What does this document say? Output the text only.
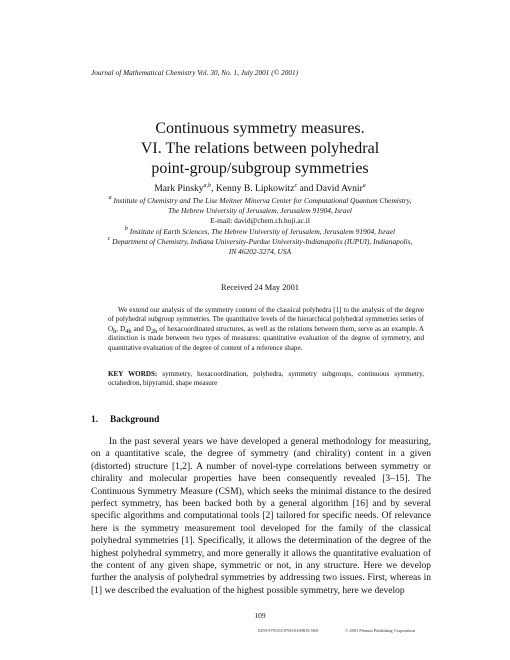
Journal of Mathematical Chemistry Vol. 30, No. 1, July 2001 (© 2001)
Continuous symmetry measures.
VI. The relations between polyhedral
point-group/subgroup symmetries
Mark Pinsky$^{a,b}$, Kenny B. Lipkowitz$^c$ and David Avnir$^a$
$^a$ Institute of Chemistry and The Lise Meitner Minerva Center for Computational Quantum Chemistry,
The Hebrew University of Jerusalem, Jerusalem 91904, Israel
E-mail: david@chem.ch.huji.ac.il
$^b$ Institute of Earth Sciences, The Hebrew University of Jerusalem, Jerusalem 91904, Israel
$^c$ Department of Chemistry, Indiana University-Purdue University-Indianapolis (IUPUI), Indianapolis,
IN 46202-3274, USA
Received 24 May 2001

We extend our analysis of the symmetry content of the classical polyhedra [1] to the analysis of the degree of polyhedral subgroup symmetries. The quantitative levels of the hierarchical polyhedral symmetries series of $O_h$, $D_{4h}$ and $D_{2h}$ of hexacoordinated structures, as well as the relations between them, serve as an example. A distinction is made between two types of measures: quantitative evaluation of the degree of symmetry, and quantitative evaluation of the degree of content of a reference shape.

KEY WORDS: symmetry, hexacoordination, polyhedra, symmetry subgroups, continuous symmetry, octahedron, bipyramid, shape measure
1. Background

In the past several years we have developed a general methodology for measuring, on a quantitative scale, the degree of symmetry (and chirality) content in a given (distorted) structure [1,2]. A number of novel-type correlations between symmetry or chirality and molecular properties have been consequently revealed [3–15]. The Continuous Symmetry Measure (CSM), which seeks the minimal distance to the desired perfect symmetry, has been backed both by a general algorithm [16] and by several specific algorithms and computational tools [2] tailored for specific needs. Of relevance here is the symmetry measurement tool developed for the family of the classical polyhedral symmetries [1]. Specifically, it allows the determination of the degree of the highest polyhedral symmetry, and more generally it allows the quantitative evaluation of the content of any given shape, symmetric or not, in any structure. Here we develop further the analysis of polyhedral symmetries by addressing two issues. First, whereas in [1] we described the evaluation of the highest possible symmetry, here we develop

109
0259-9791/01/0700-0109$19.50/0	© 2001 Plenum Publishing Corporation
